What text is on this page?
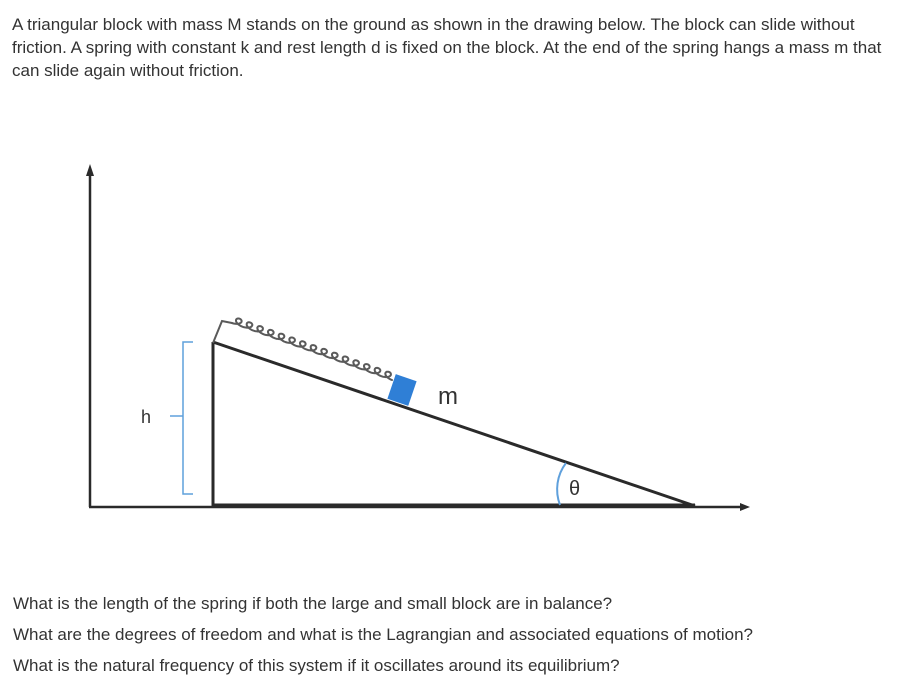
A triangular block with mass M stands on the ground as shown in the drawing below. The block can slide without friction. A spring with constant k and rest length d is fixed on the block. At the end of the spring hangs a mass m that can slide again without friction.

h
m
θ
What is the length of the spring if both the large and small block are in balance?
What are the degrees of freedom and what is the Lagrangian and associated equations of motion?
What is the natural frequency of this system if it oscillates around its equilibrium?
